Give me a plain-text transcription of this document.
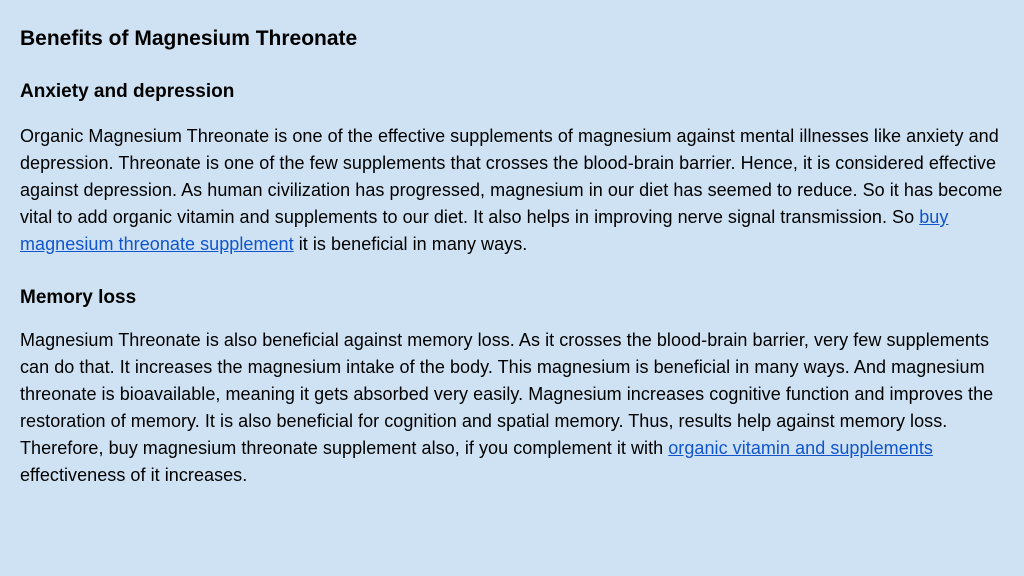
Benefits of Magnesium Threonate
Anxiety and depression

Organic Magnesium Threonate is one of the effective supplements of magnesium against mental illnesses like anxiety and depression. Threonate is one of the few supplements that crosses the blood-brain barrier. Hence, it is considered effective against depression. As human civilization has progressed, magnesium in our diet has seemed to reduce. So it has become vital to add organic vitamin and supplements to our diet. It also helps in improving nerve signal transmission. So buy magnesium threonate supplement it is beneficial in many ways.

Memory loss

Magnesium Threonate is also beneficial against memory loss. As it crosses the blood-brain barrier, very few supplements can do that. It increases the magnesium intake of the body. This magnesium is beneficial in many ways. And magnesium threonate is bioavailable, meaning it gets absorbed very easily. Magnesium increases cognitive function and improves the restoration of memory. It is also beneficial for cognition and spatial memory. Thus, results help against memory loss. Therefore, buy magnesium threonate supplement also, if you complement it with organic vitamin and supplements effectiveness of it increases.
